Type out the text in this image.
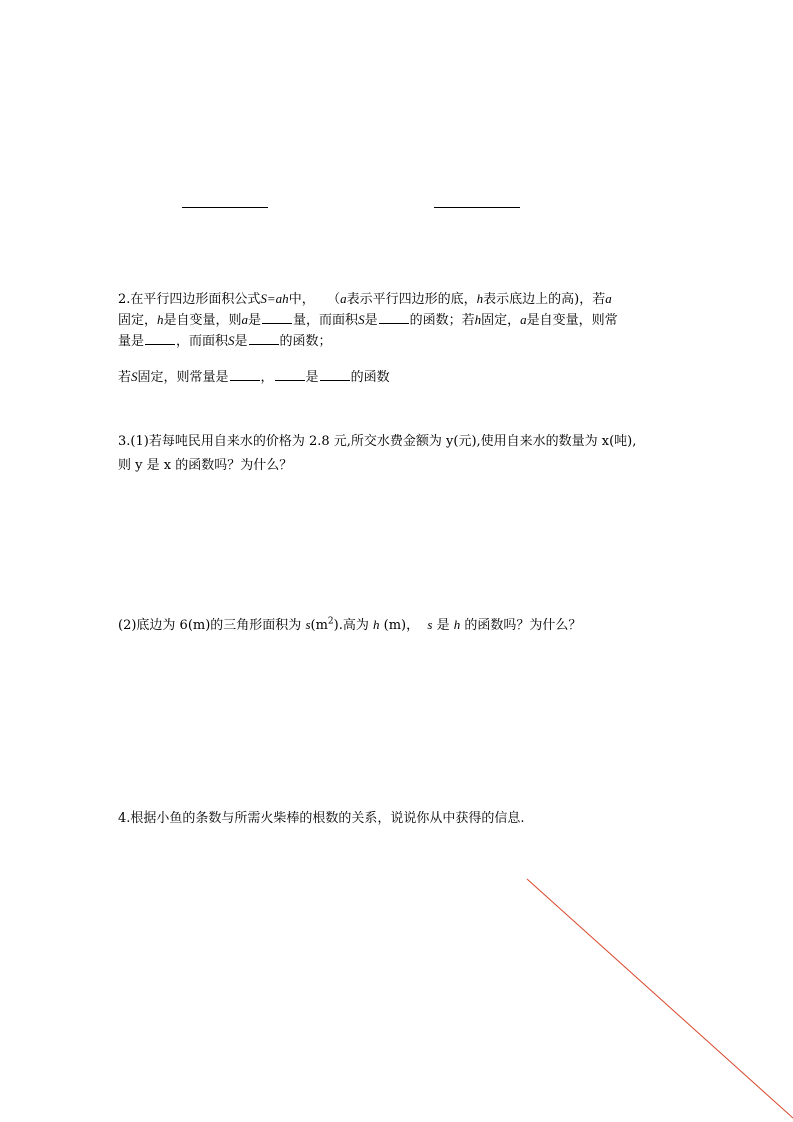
2.在平行四边形面积公式S=ah中， （a表示平行四边形的底，h表示底边上的高)，若a
固定，h是自变量，则a是 量，而面积S是 的函数；若h固定，a是自变量，则常
量是 ，而面积S是 的函数；
若S固定，则常量是 ， 是 的函数
3.(1)若每吨民用自来水的价格为 2.8 元,所交水费金额为 y(元),使用自来水的数量为 x(吨),
则 y 是 x 的函数吗？为什么？
(2)底边为 6(m)的三角形面积为 $s(m^2)$.高为 h (m)， s 是 h 的函数吗？为什么？
4.根据小鱼的条数与所需火柴棒的根数的关系，说说你从中获得的信息.
